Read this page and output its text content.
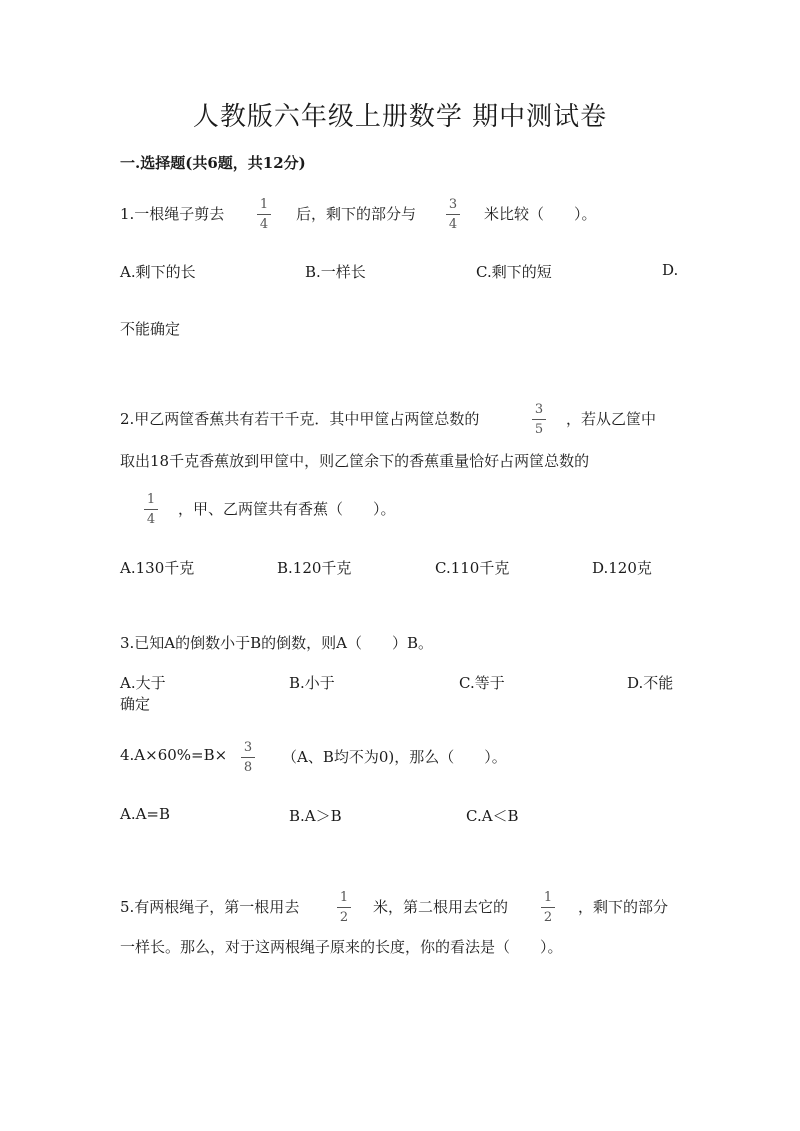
人教版六年级上册数学 期中测试卷
一.选择题(共6题，共12分)
1.一根绳子剪去
1
4
后，剩下的部分与
3
4
米比较（　　）。
A.剩下的长	B.一样长	C.剩下的短	D.
不能确定
2.甲乙两筐香蕉共有若干千克．其中甲筐占两筐总数的
3
5
，若从乙筐中
取出18千克香蕉放到甲筐中，则乙筐余下的香蕉重量恰好占两筐总数的
1
4
，甲、乙两筐共有香蕉（　　）。
A.130千克	B.120千克	C.110千克	D.120克
3.已知A的倒数小于B的倒数，则A（　　）B。
A.大于	B.小于	C.等于	D.不能
确定
4.A×60%=B×	3
8
（A、B均不为0)，那么（　　）。
A.A=B	B.A＞B	C.A＜B
5.有两根绳子，第一根用去
1
2
米，第二根用去它的
1
2
，剩下的部分
一样长。那么，对于这两根绳子原来的长度，你的看法是（　　）。
